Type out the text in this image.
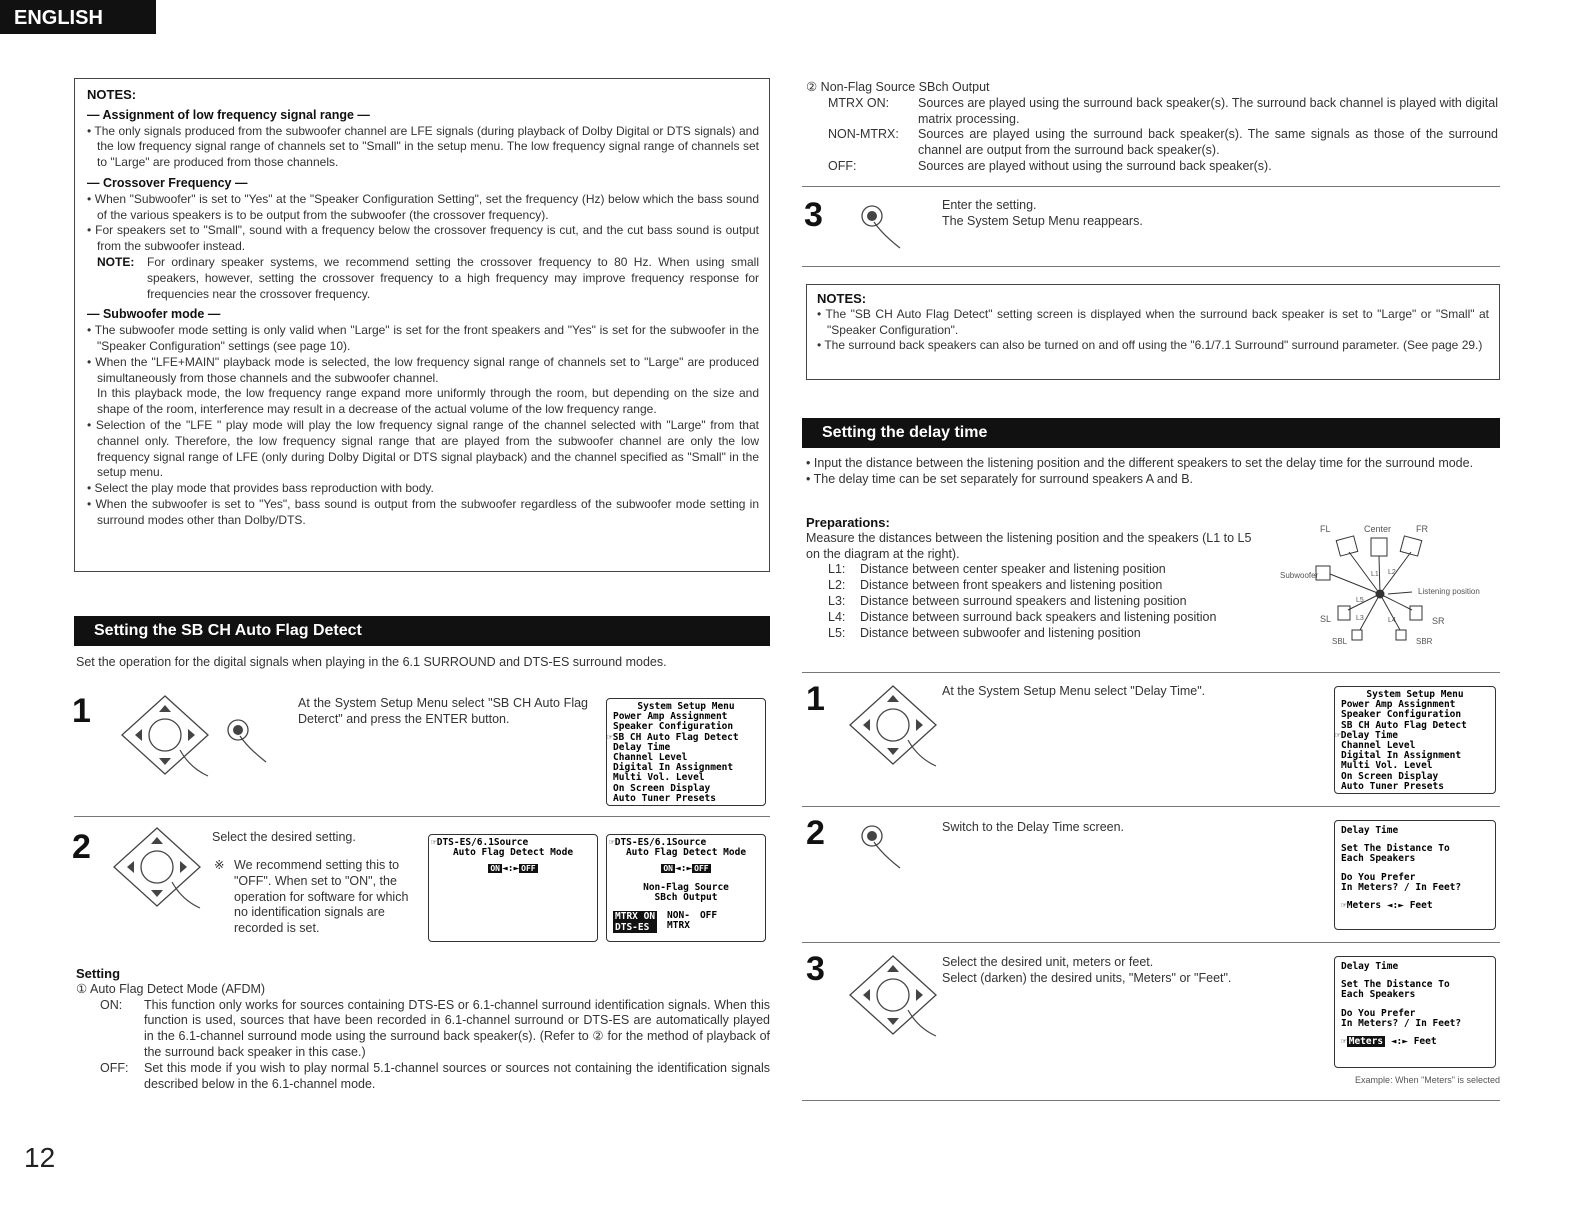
ENGLISH
NOTES:
— Assignment of low frequency signal range —

• The only signals produced from the subwoofer channel are LFE signals (during playback of Dolby Digital or DTS signals) and the low frequency signal range of channels set to "Small" in the setup menu. The low frequency signal range of channels set to "Large" are produced from those channels.

— Crossover Frequency —

• When "Subwoofer" is set to "Yes" at the "Speaker Configuration Setting", set the frequency (Hz) below which the bass sound of the various speakers is to be output from the subwoofer (the crossover frequency).

• For speakers set to "Small", sound with a frequency below the crossover frequency is cut, and the cut bass sound is output from the subwoofer instead.

NOTE: For ordinary speaker systems, we recommend setting the crossover frequency to 80 Hz. When using small speakers, however, setting the crossover frequency to a high frequency may improve frequency response for frequencies near the crossover frequency.

— Subwoofer mode —

• The subwoofer mode setting is only valid when "Large" is set for the front speakers and "Yes" is set for the subwoofer in the "Speaker Configuration" settings (see page 10).

• When the "LFE+MAIN" playback mode is selected, the low frequency signal range of channels set to "Large" are produced simultaneously from those channels and the subwoofer channel.

In this playback mode, the low frequency range expand more uniformly through the room, but depending on the size and shape of the room, interference may result in a decrease of the actual volume of the low frequency range.

• Selection of the "LFE " play mode will play the low frequency signal range of the channel selected with "Large" from that channel only. Therefore, the low frequency signal range that are played from the subwoofer channel are only the low frequency signal range of LFE (only during Dolby Digital or DTS signal playback) and the channel specified as "Small" in the setup menu.

• Select the play mode that provides bass reproduction with body.

• When the subwoofer is set to "Yes", bass sound is output from the subwoofer regardless of the subwoofer mode setting in surround modes other than Dolby/DTS.

Setting the SB CH Auto Flag Detect
Set the operation for the digital signals when playing in the 6.1 SURROUND and DTS-ES surround modes.
1	At the System Setup Menu select "SB CH Auto Flag Deterct" and press the ENTER button.
System Setup Menu
Power Amp Assignment
Speaker Configuration
☞SB CH Auto Flag Detect
Delay Time
Channel Level
Digital In Assignment
Multi Vol. Level
On Screen Display
Auto Tuner Presets
2	Select the desired setting.
※ We recommend setting this to "OFF". When set to "ON", the operation for software for which no identification signals are recorded is set.
☞DTS-ES/6.1Source
Auto Flag Detect Mode
ON ◄:► OFF
☞DTS-ES/6.1Source
Auto Flag Detect Mode
ON ◄:► OFF
Non-Flag Source
SBch Output
MTRX ON
DTS-ES
NON-
MTRX
OFF
Setting
① Auto Flag Detect Mode (AFDM)
ON: This function only works for sources containing DTS-ES or 6.1-channel surround identification signals. When this function is used, sources that have been recorded in 6.1-channel surround or DTS-ES are automatically played in the 6.1-channel surround mode using the surround back speaker(s). (Refer to ② for the method of playback of the surround back speaker in this case.)
OFF: Set this mode if you wish to play normal 5.1-channel sources or sources not containing the identification signals described below in the 6.1-channel mode.
12
② Non-Flag Source SBch Output
MTRX ON: Sources are played using the surround back speaker(s). The surround back channel is played with digital matrix processing.
NON-MTRX: Sources are played using the surround back speaker(s). The same signals as those of the surround channel are output from the surround back speaker(s).
OFF:	Sources are played without using the surround back speaker(s).
3	Enter the setting.
The System Setup Menu reappears.
NOTES:

• The "SB CH Auto Flag Detect" setting screen is displayed when the surround back speaker is set to "Large" or "Small" at "Speaker Configuration".

• The surround back speakers can also be turned on and off using the "6.1/7.1 Surround" surround parameter. (See page 29.)

Setting the delay time

• Input the distance between the listening position and the different speakers to set the delay time for the surround mode.

• The delay time can be set separately for surround speakers A and B.

Preparations:
Measure the distances between the listening position and the speakers (L1 to L5 on the diagram at the right).
L1: Distance between center speaker and listening position
L2: Distance between front speakers and listening position
L3: Distance between surround speakers and listening position
L4: Distance between surround back speakers and listening position
L5: Distance between subwoofer and listening position
FL	Center	FR
Subwoofer
Listening position
SL	SR
SBL	SBR
L1 L2
L5
L3	L4
1	At the System Setup Menu select "Delay Time".	System Setup Menu
Power Amp Assignment
Speaker Configuration
SB CH Auto Flag Detect
☞Delay Time
Channel Level
Digital In Assignment
Multi Vol. Level
On Screen Display
Auto Tuner Presets
2	Switch to the Delay Time screen.	Delay Time
Set The Distance To
Each Speakers
Do You Prefer
In Meters? / In Feet?
☞Meters ◄:► Feet
3	Select the desired unit, meters or feet.
Select (darken) the desired units, "Meters" or "Feet".
Delay Time
Set The Distance To
Each Speakers
Do You Prefer
In Meters? / In Feet?
☞ Meters ◄:► Feet
Example: When "Meters" is selected
